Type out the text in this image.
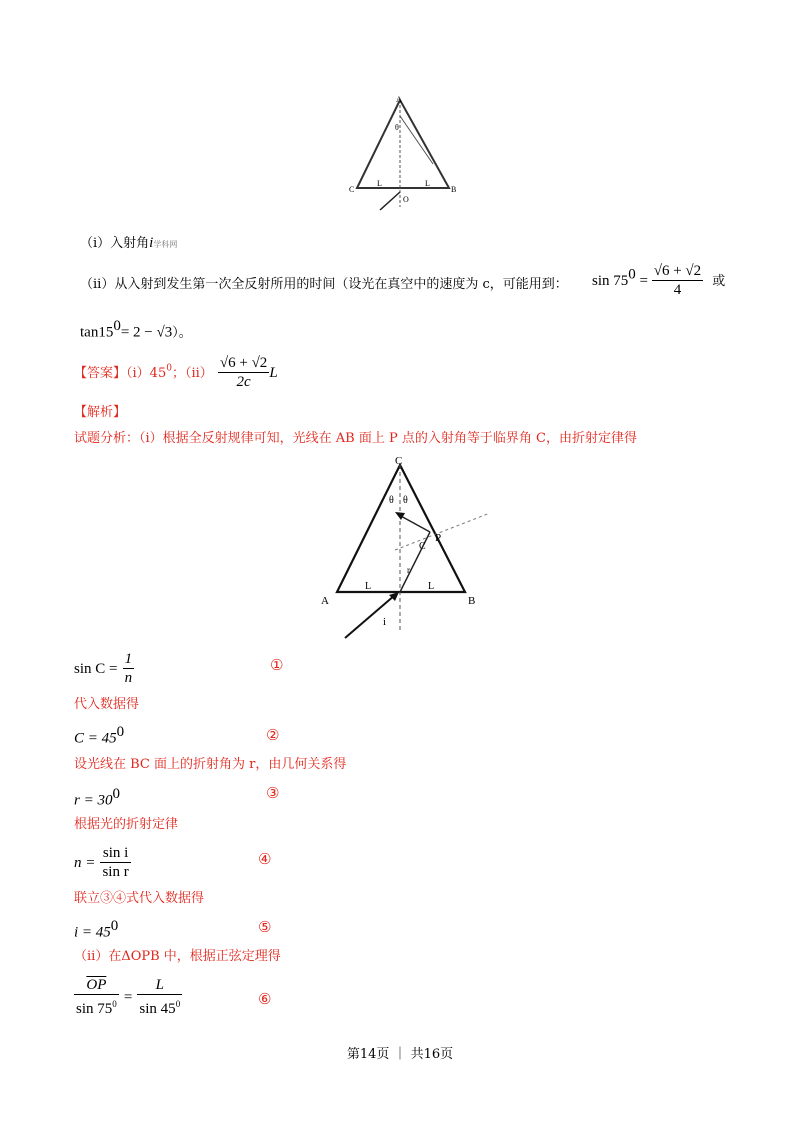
A
C	B
O
L	L
θ
（i）入射角i学科网
（ii）从入射到发生第一次全反射所用的时间（设光在真空中的速度为 c，可能用到： $\sin 75^0 = \frac{√6 + √2}{4}$ 或
$\tan 15^0= 2 - √3$）。
【答案】$(i)45^0$；$(ii) \frac{√6 + √2}{2c}$ L
【解析】
试题分析：（i）根据全反射规律可知，光线在 AB 面上 P 点的入射角等于临界角 C，由折射定律得
C
A	B
P
L	L
i
θ θ
C
r
$\sin C = \frac{1}{n}$	①
代入数据得
$C = 45^0$	②
设光线在 BC 面上的折射角为 r，由几何关系得
$r = 30^0$	③
根据光的折射定律
$n = \frac{\text{sin i}}{\text{sin r}}$	④
联立③④式代入数据得
$i = 45^0$	⑤
（ii）在ΔOPB 中，根据正弦定理得
$\frac{\overline{OP}}{\sin 75^0} = \frac{L}{\sin 45^0}$	⑥
第14页 ｜ 共16页
